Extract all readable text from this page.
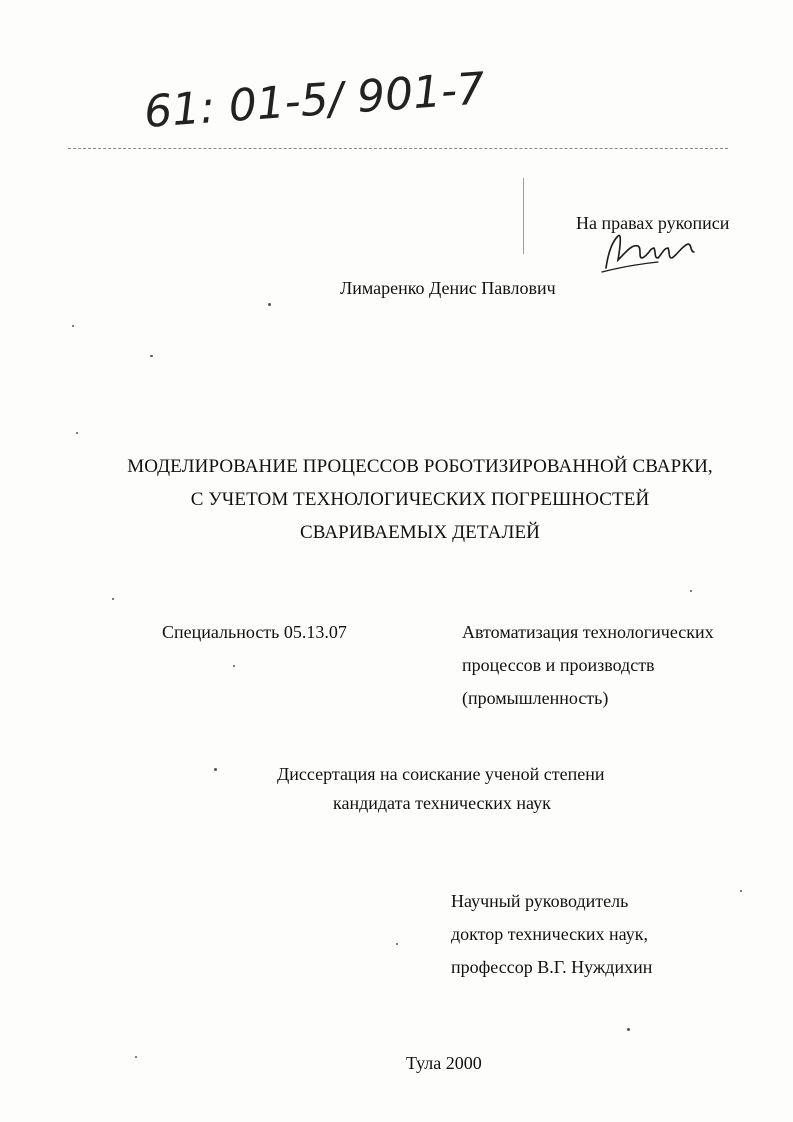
61: 01-5/ 901-7
На правах рукописи
Лимаренко Денис Павлович
МОДЕЛИРОВАНИЕ ПРОЦЕССОВ РОБОТИЗИРОВАННОЙ СВАРКИ,
С УЧЕТОМ ТЕХНОЛОГИЧЕСКИХ ПОГРЕШНОСТЕЙ
СВАРИВАЕМЫХ ДЕТАЛЕЙ
Специальность 05.13.07	Автоматизация технологических
процессов и производств
(промышленность)
Диссертация на соискание ученой степени
кандидата технических наук
Научный руководитель
доктор технических наук,
профессор В.Г. Нуждихин
Тула 2000
